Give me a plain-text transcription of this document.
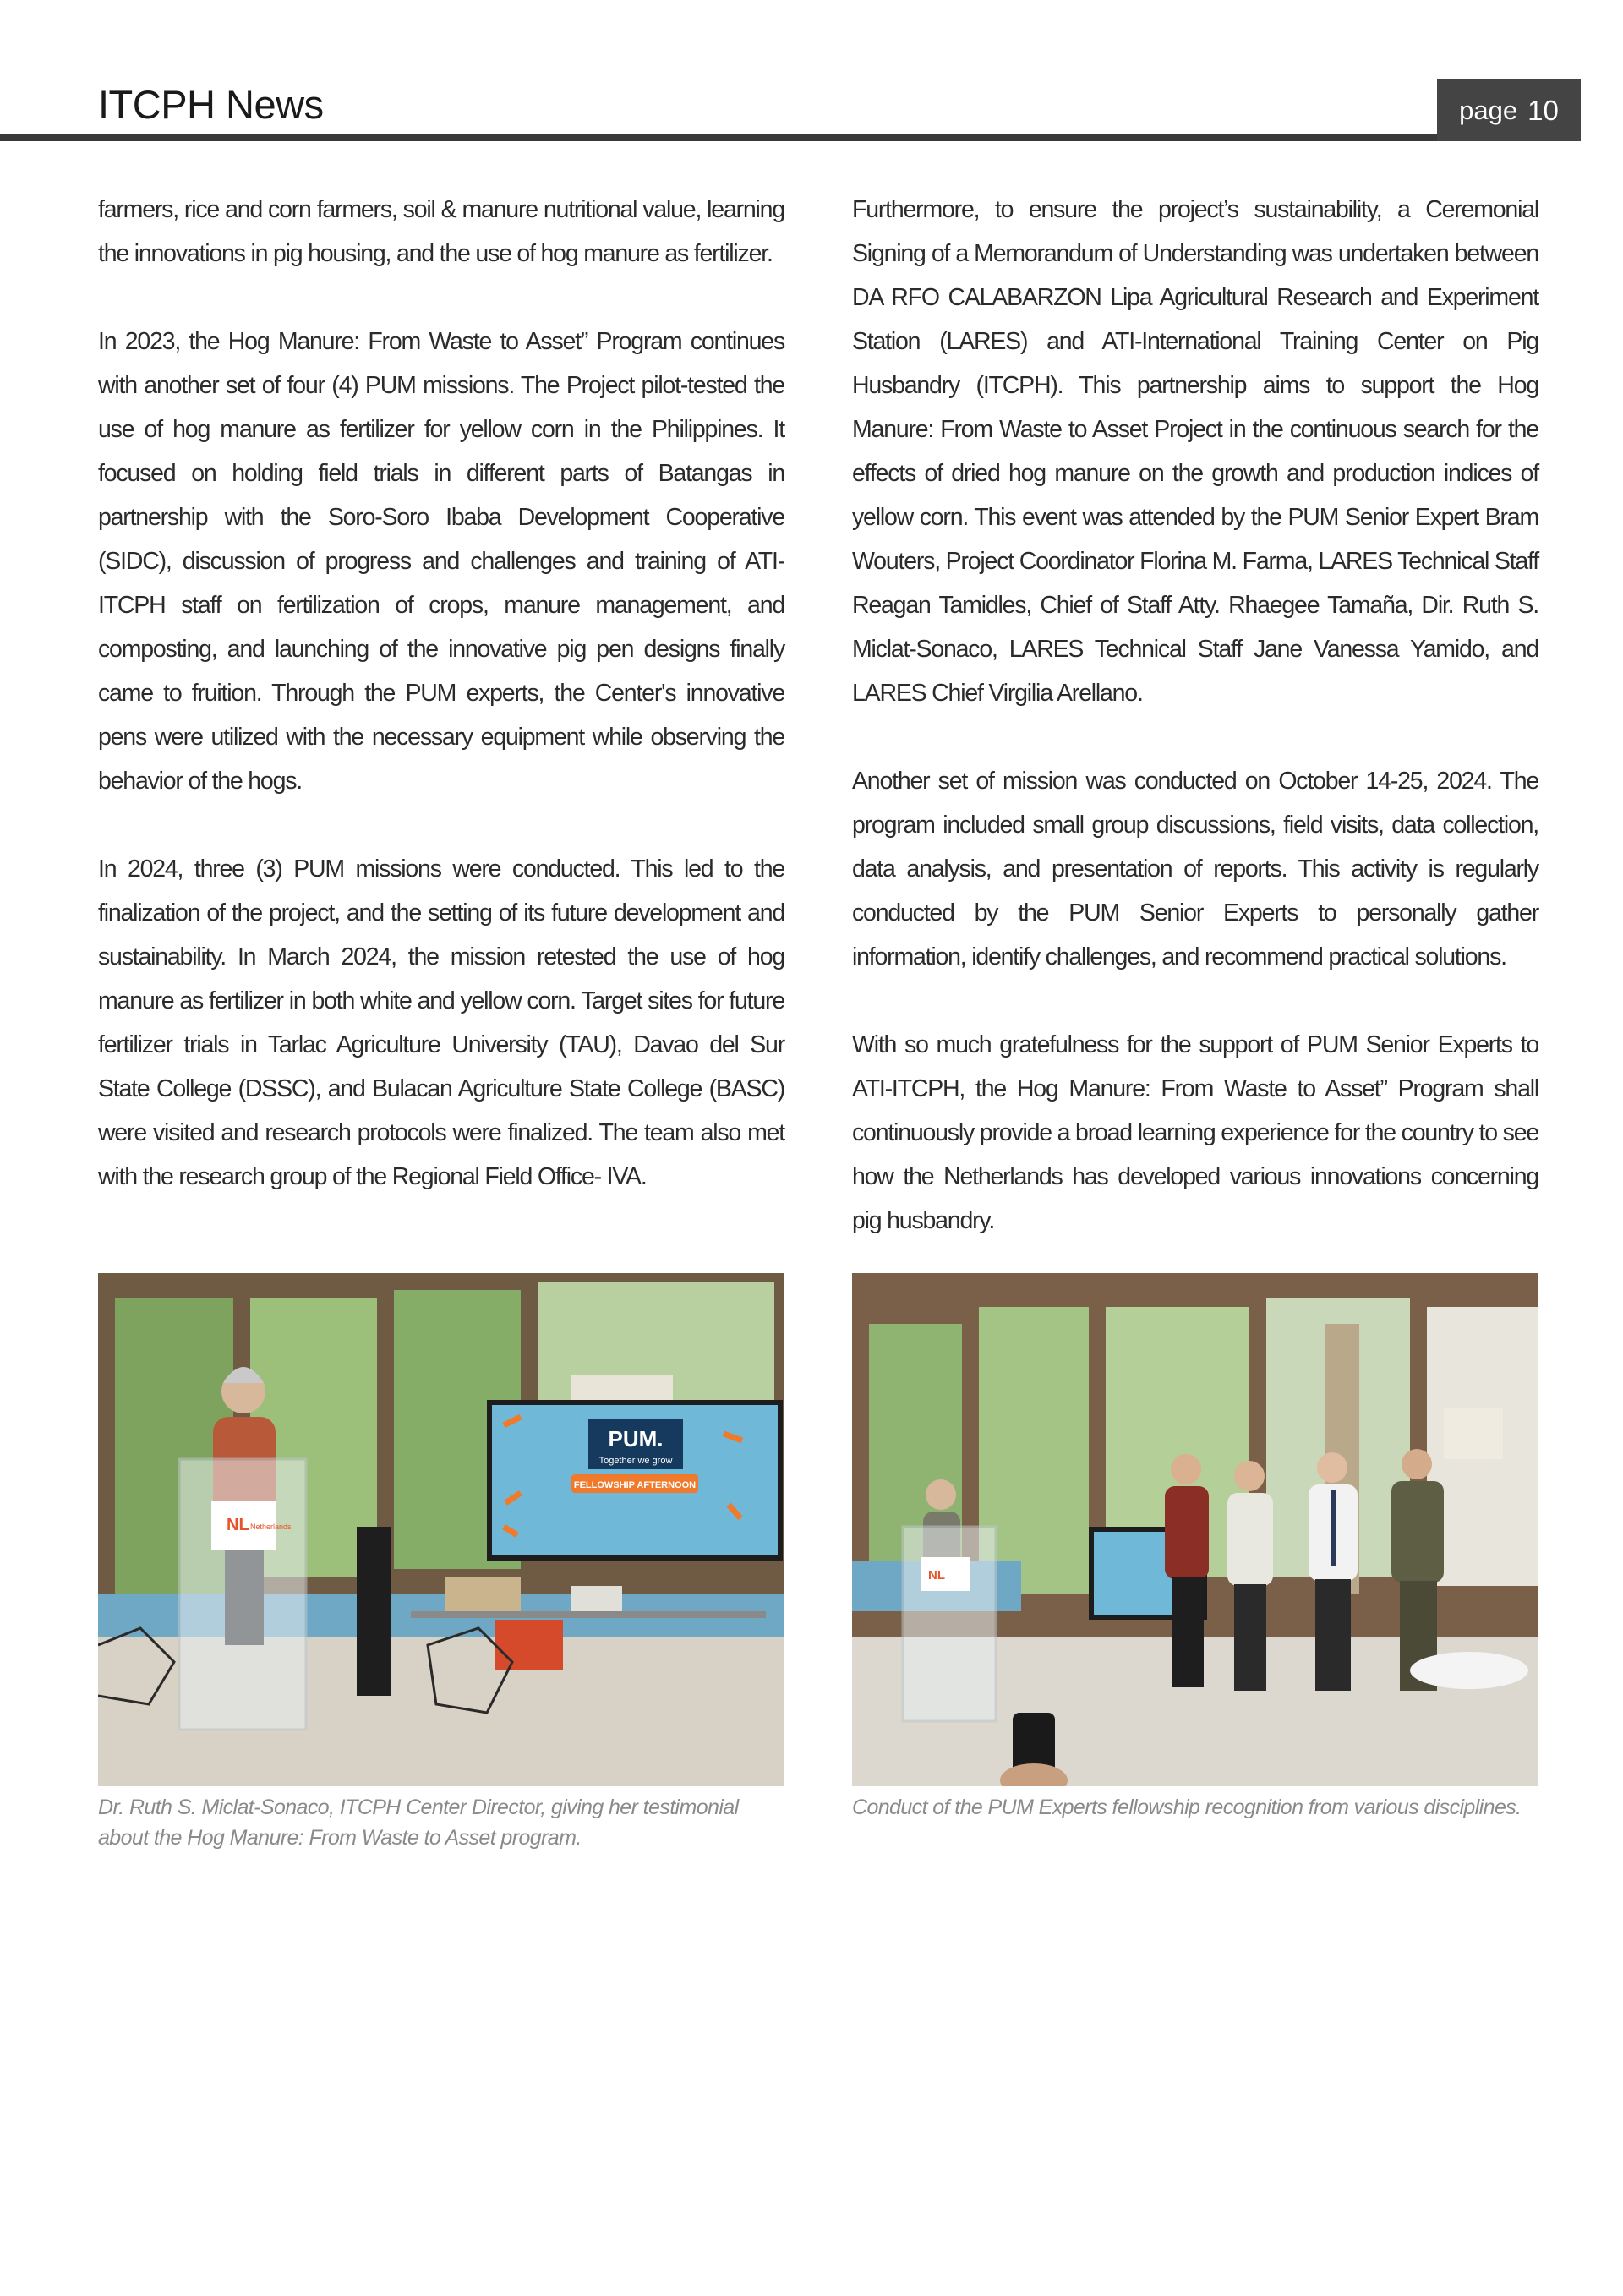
ITCPH News	page 10

farmers, rice and corn farmers, soil & manure nutritional value, learning the innovations in pig housing, and the use of hog manure as fertilizer.

In 2023, the Hog Manure: From Waste to Asset” Program continues with another set of four (4) PUM missions. The Project pilot-tested the use of hog manure as fertilizer for yellow corn in the Philippines. It focused on holding field trials in different parts of Batangas in partnership with the Soro-Soro Ibaba Development Cooperative (SIDC), discussion of progress and challenges and training of ATI-ITCPH staff on fertilization of crops, manure management, and composting, and launching of the innovative pig pen designs finally came to fruition. Through the PUM experts, the Center's innovative pens were utilized with the necessary equipment while observing the behavior of the hogs.

In 2024, three (3) PUM missions were conducted. This led to the finalization of the project, and the setting of its future development and sustainability. In March 2024, the mission retested the use of hog manure as fertilizer in both white and yellow corn. Target sites for future fertilizer trials in Tarlac Agriculture University (TAU), Davao del Sur State College (DSSC), and Bulacan Agriculture State College (BASC) were visited and research protocols were finalized. The team also met with the research group of the Regional Field Office- IVA.

Furthermore, to ensure the project’s sustainability, a Ceremonial Signing of a Memorandum of Understanding was undertaken between DA RFO CALABARZON Lipa Agricultural Research and Experiment Station (LARES) and ATI-International Training Center on Pig Husbandry (ITCPH). This partnership aims to support the Hog Manure: From Waste to Asset Project in the continuous search for the effects of dried hog manure on the growth and production indices of yellow corn. This event was attended by the PUM Senior Expert Bram Wouters, Project Coordinator Florina M. Farma, LARES Technical Staff Reagan Tamidles, Chief of Staff Atty. Rhaegee Tamaña, Dir. Ruth S. Miclat-Sonaco, LARES Technical Staff Jane Vanessa Yamido, and LARES Chief Virgilia Arellano.

Another set of mission was conducted on October 14-25, 2024. The program included small group discussions, field visits, data collection, data analysis, and presentation of reports. This activity is regularly conducted by the PUM Senior Experts to personally gather information, identify challenges, and recommend practical solutions.

With so much gratefulness for the support of PUM Senior Experts to ATI-ITCPH, the Hog Manure: From Waste to Asset” Program shall continuously provide a broad learning experience for the country to see how the Netherlands has developed various innovations concerning pig husbandry.

PUM.
Together we grow
FELLOWSHIP AFTERNOON
NL Netherlands
NL
Dr. Ruth S. Miclat-Sonaco, ITCPH Center Director, giving her testimonial about the Hog Manure: From Waste to Asset program.
Conduct of the PUM Experts fellowship recognition from various disciplines.
